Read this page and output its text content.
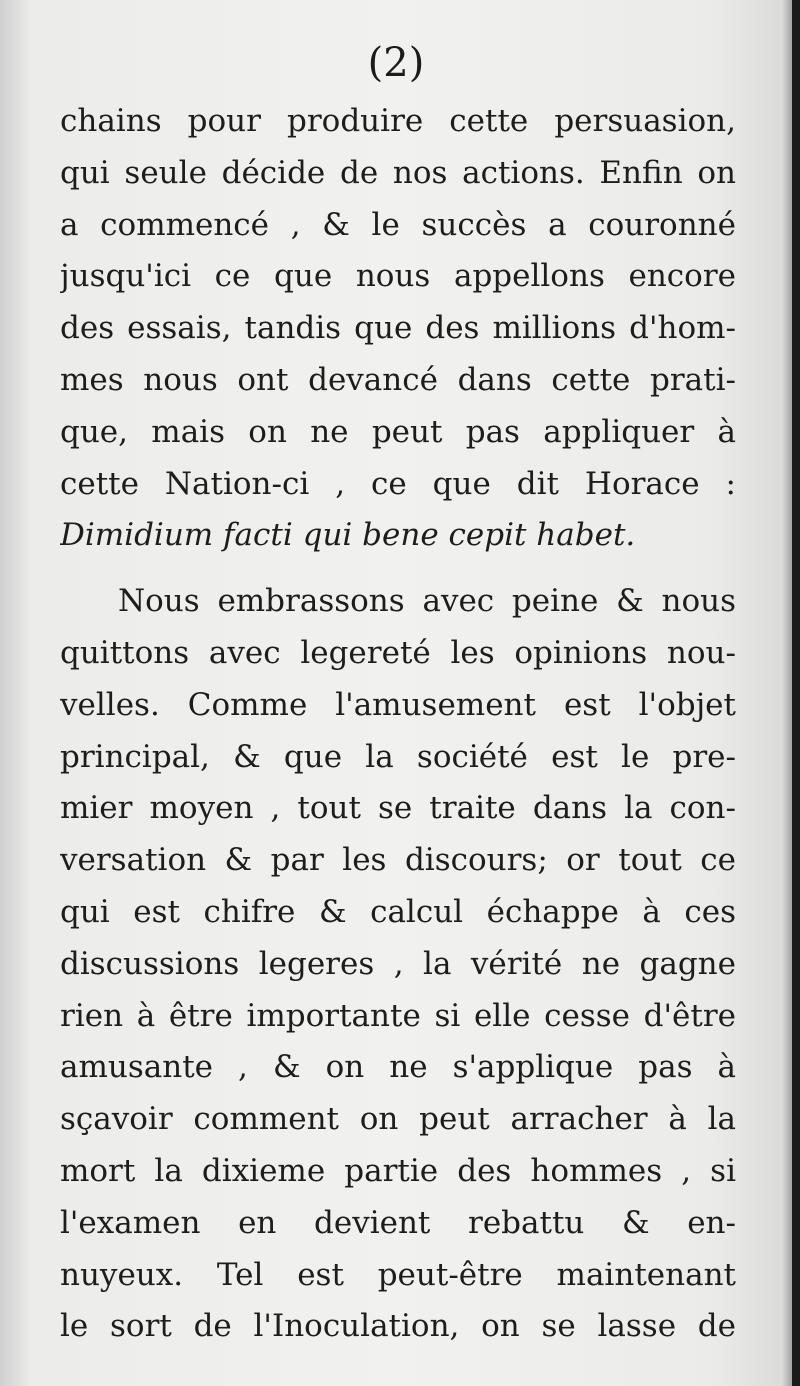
(2)
chains pour produire cette persuasion,
qui seule décide de nos actions. Enfin on
a commencé , & le succès a couronné
jusqu'ici ce que nous appellons encore
des essais, tandis que des millions d'hom-
mes nous ont devancé dans cette prati-
que, mais on ne peut pas appliquer à
cette Nation-ci , ce que dit Horace :
Dimidium facti qui bene cepit habet.
Nous embrassons avec peine & nous
quittons avec legereté les opinions nou-
velles. Comme l'amusement est l'objet
principal, & que la société est le pre-
mier moyen , tout se traite dans la con-
versation & par les discours; or tout ce
qui est chifre & calcul échappe à ces
discussions legeres , la vérité ne gagne
rien à être importante si elle cesse d'être
amusante , & on ne s'applique pas à
sçavoir comment on peut arracher à la
mort la dixieme partie des hommes , si
l'examen en devient rebattu & en-
nuyeux. Tel est peut-être maintenant
le sort de l'Inoculation, on se lasse de
